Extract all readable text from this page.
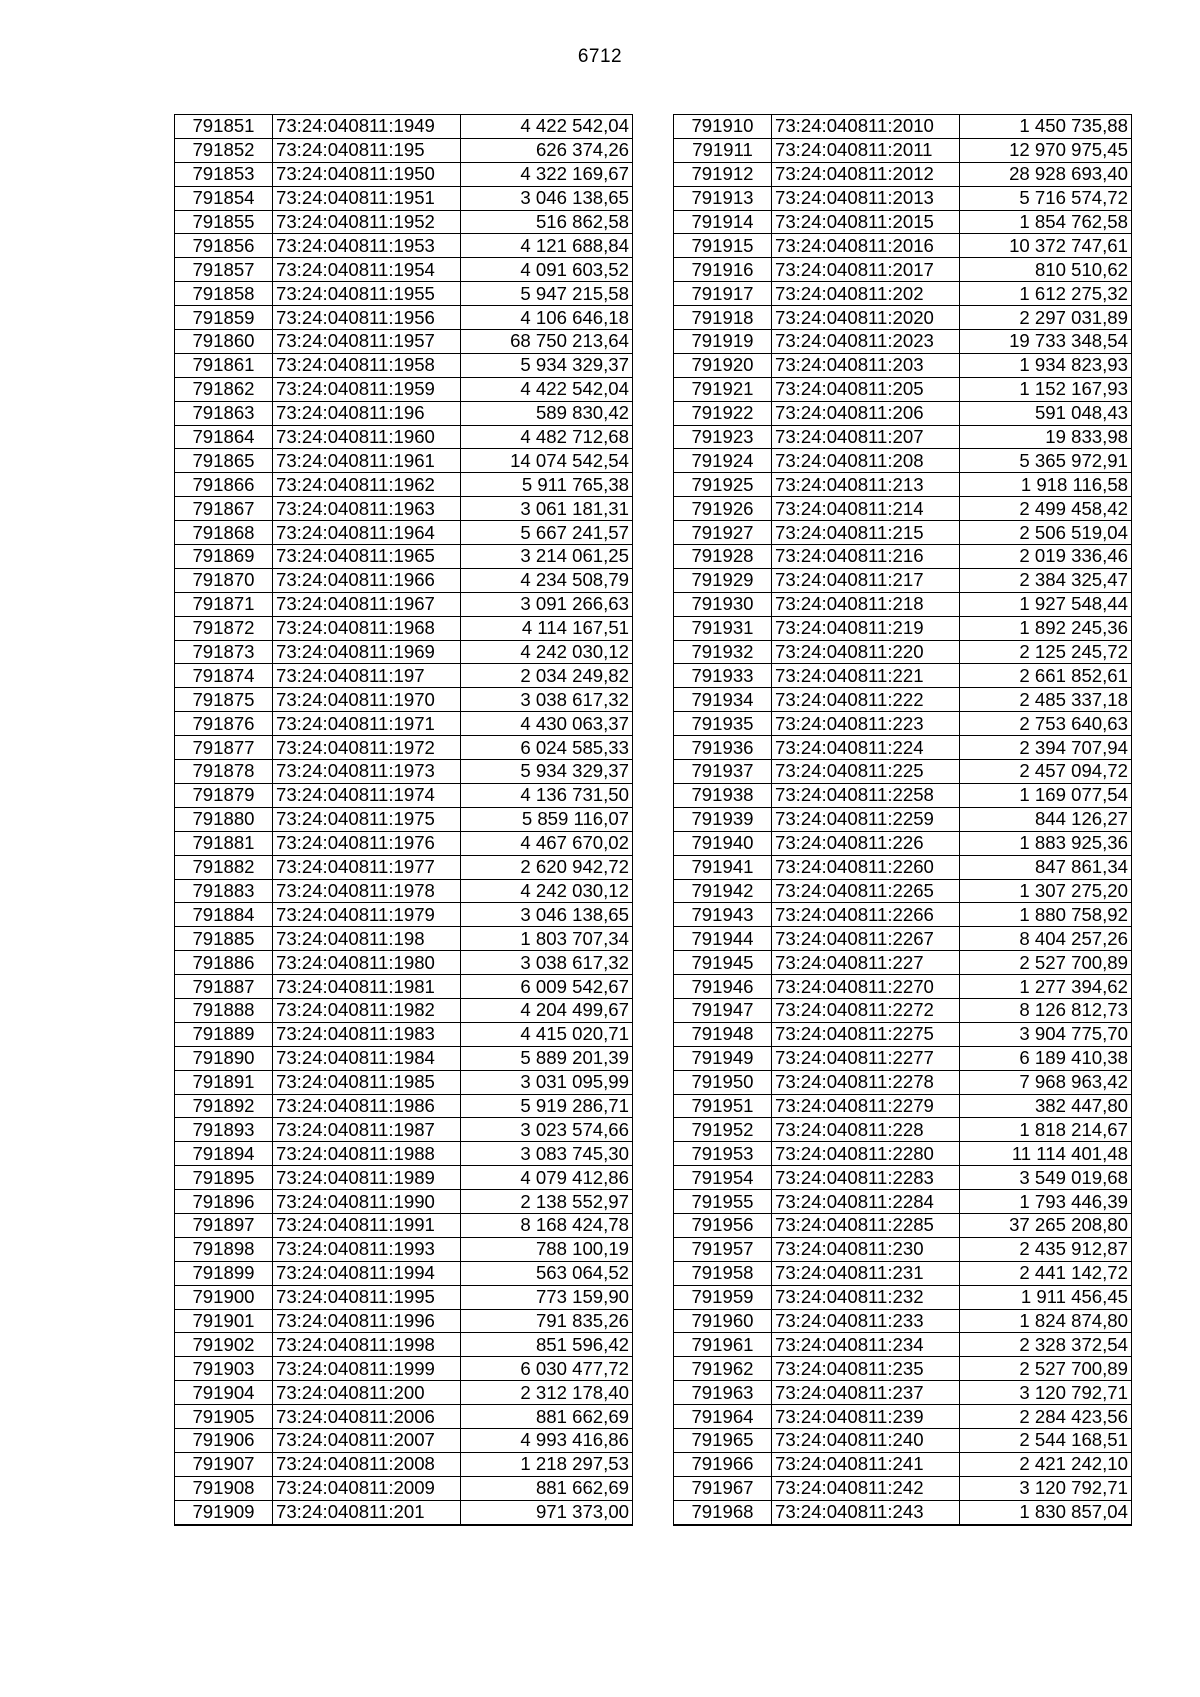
6712
791851	73:24:040811:1949	4 422 542,04
791852	73:24:040811:195	626 374,26
791853	73:24:040811:1950	4 322 169,67
791854	73:24:040811:1951	3 046 138,65
791855	73:24:040811:1952	516 862,58
791856	73:24:040811:1953	4 121 688,84
791857	73:24:040811:1954	4 091 603,52
791858	73:24:040811:1955	5 947 215,58
791859	73:24:040811:1956	4 106 646,18
791860	73:24:040811:1957	68 750 213,64
791861	73:24:040811:1958	5 934 329,37
791862	73:24:040811:1959	4 422 542,04
791863	73:24:040811:196	589 830,42
791864	73:24:040811:1960	4 482 712,68
791865	73:24:040811:1961	14 074 542,54
791866	73:24:040811:1962	5 911 765,38
791867	73:24:040811:1963	3 061 181,31
791868	73:24:040811:1964	5 667 241,57
791869	73:24:040811:1965	3 214 061,25
791870	73:24:040811:1966	4 234 508,79
791871	73:24:040811:1967	3 091 266,63
791872	73:24:040811:1968	4 114 167,51
791873	73:24:040811:1969	4 242 030,12
791874	73:24:040811:197	2 034 249,82
791875	73:24:040811:1970	3 038 617,32
791876	73:24:040811:1971	4 430 063,37
791877	73:24:040811:1972	6 024 585,33
791878	73:24:040811:1973	5 934 329,37
791879	73:24:040811:1974	4 136 731,50
791880	73:24:040811:1975	5 859 116,07
791881	73:24:040811:1976	4 467 670,02
791882	73:24:040811:1977	2 620 942,72
791883	73:24:040811:1978	4 242 030,12
791884	73:24:040811:1979	3 046 138,65
791885	73:24:040811:198	1 803 707,34
791886	73:24:040811:1980	3 038 617,32
791887	73:24:040811:1981	6 009 542,67
791888	73:24:040811:1982	4 204 499,67
791889	73:24:040811:1983	4 415 020,71
791890	73:24:040811:1984	5 889 201,39
791891	73:24:040811:1985	3 031 095,99
791892	73:24:040811:1986	5 919 286,71
791893	73:24:040811:1987	3 023 574,66
791894	73:24:040811:1988	3 083 745,30
791895	73:24:040811:1989	4 079 412,86
791896	73:24:040811:1990	2 138 552,97
791897	73:24:040811:1991	8 168 424,78
791898	73:24:040811:1993	788 100,19
791899	73:24:040811:1994	563 064,52
791900	73:24:040811:1995	773 159,90
791901	73:24:040811:1996	791 835,26
791902	73:24:040811:1998	851 596,42
791903	73:24:040811:1999	6 030 477,72
791904	73:24:040811:200	2 312 178,40
791905	73:24:040811:2006	881 662,69
791906	73:24:040811:2007	4 993 416,86
791907	73:24:040811:2008	1 218 297,53
791908	73:24:040811:2009	881 662,69
791909	73:24:040811:201	971 373,00
791910	73:24:040811:2010	1 450 735,88
791911	73:24:040811:2011	12 970 975,45
791912	73:24:040811:2012	28 928 693,40
791913	73:24:040811:2013	5 716 574,72
791914	73:24:040811:2015	1 854 762,58
791915	73:24:040811:2016	10 372 747,61
791916	73:24:040811:2017	810 510,62
791917	73:24:040811:202	1 612 275,32
791918	73:24:040811:2020	2 297 031,89
791919	73:24:040811:2023	19 733 348,54
791920	73:24:040811:203	1 934 823,93
791921	73:24:040811:205	1 152 167,93
791922	73:24:040811:206	591 048,43
791923	73:24:040811:207	19 833,98
791924	73:24:040811:208	5 365 972,91
791925	73:24:040811:213	1 918 116,58
791926	73:24:040811:214	2 499 458,42
791927	73:24:040811:215	2 506 519,04
791928	73:24:040811:216	2 019 336,46
791929	73:24:040811:217	2 384 325,47
791930	73:24:040811:218	1 927 548,44
791931	73:24:040811:219	1 892 245,36
791932	73:24:040811:220	2 125 245,72
791933	73:24:040811:221	2 661 852,61
791934	73:24:040811:222	2 485 337,18
791935	73:24:040811:223	2 753 640,63
791936	73:24:040811:224	2 394 707,94
791937	73:24:040811:225	2 457 094,72
791938	73:24:040811:2258	1 169 077,54
791939	73:24:040811:2259	844 126,27
791940	73:24:040811:226	1 883 925,36
791941	73:24:040811:2260	847 861,34
791942	73:24:040811:2265	1 307 275,20
791943	73:24:040811:2266	1 880 758,92
791944	73:24:040811:2267	8 404 257,26
791945	73:24:040811:227	2 527 700,89
791946	73:24:040811:2270	1 277 394,62
791947	73:24:040811:2272	8 126 812,73
791948	73:24:040811:2275	3 904 775,70
791949	73:24:040811:2277	6 189 410,38
791950	73:24:040811:2278	7 968 963,42
791951	73:24:040811:2279	382 447,80
791952	73:24:040811:228	1 818 214,67
791953	73:24:040811:2280	11 114 401,48
791954	73:24:040811:2283	3 549 019,68
791955	73:24:040811:2284	1 793 446,39
791956	73:24:040811:2285	37 265 208,80
791957	73:24:040811:230	2 435 912,87
791958	73:24:040811:231	2 441 142,72
791959	73:24:040811:232	1 911 456,45
791960	73:24:040811:233	1 824 874,80
791961	73:24:040811:234	2 328 372,54
791962	73:24:040811:235	2 527 700,89
791963	73:24:040811:237	3 120 792,71
791964	73:24:040811:239	2 284 423,56
791965	73:24:040811:240	2 544 168,51
791966	73:24:040811:241	2 421 242,10
791967	73:24:040811:242	3 120 792,71
791968	73:24:040811:243	1 830 857,04
